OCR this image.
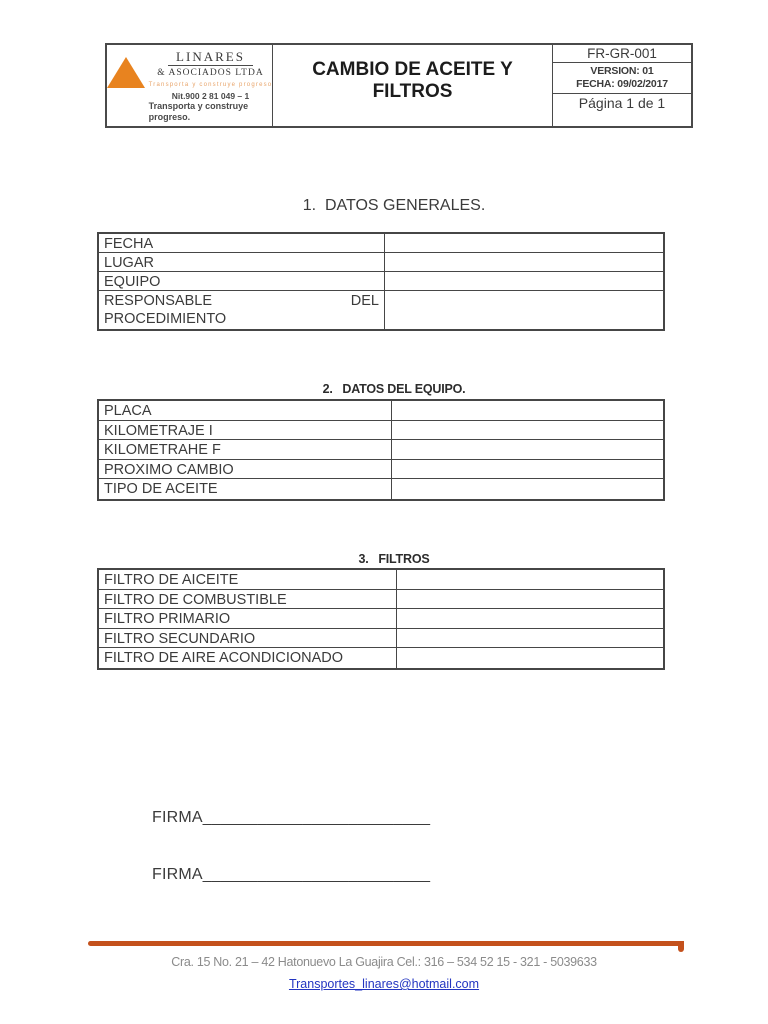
LINARES
& ASOCIADOS LTDA
Transporta y construye progreso
Nit.900 2 81 049 – 1
Transporta y construye progreso.
CAMBIO DE ACEITE Y FILTROS
FR-GR-001
VERSION: 01
FECHA: 09/02/2017
Página 1 de 1
1.  DATOS GENERALES.
FECHA
LUGAR
EQUIPO
RESPONSABLE	DEL
PROCEDIMIENTO
2.   DATOS DEL EQUIPO.
PLACA
KILOMETRAJE I
KILOMETRAHE F
PROXIMO CAMBIO
TIPO DE ACEITE
3.   FILTROS
FILTRO DE AICEITE
FILTRO DE COMBUSTIBLE
FILTRO PRIMARIO
FILTRO SECUNDARIO
FILTRO DE AIRE ACONDICIONADO
FIRMA_________________________
FIRMA_________________________
Cra. 15 No. 21 – 42 Hatonuevo La Guajira Cel.: 316 – 534 52 15 - 321 - 5039633
Transportes_linares@hotmail.com
